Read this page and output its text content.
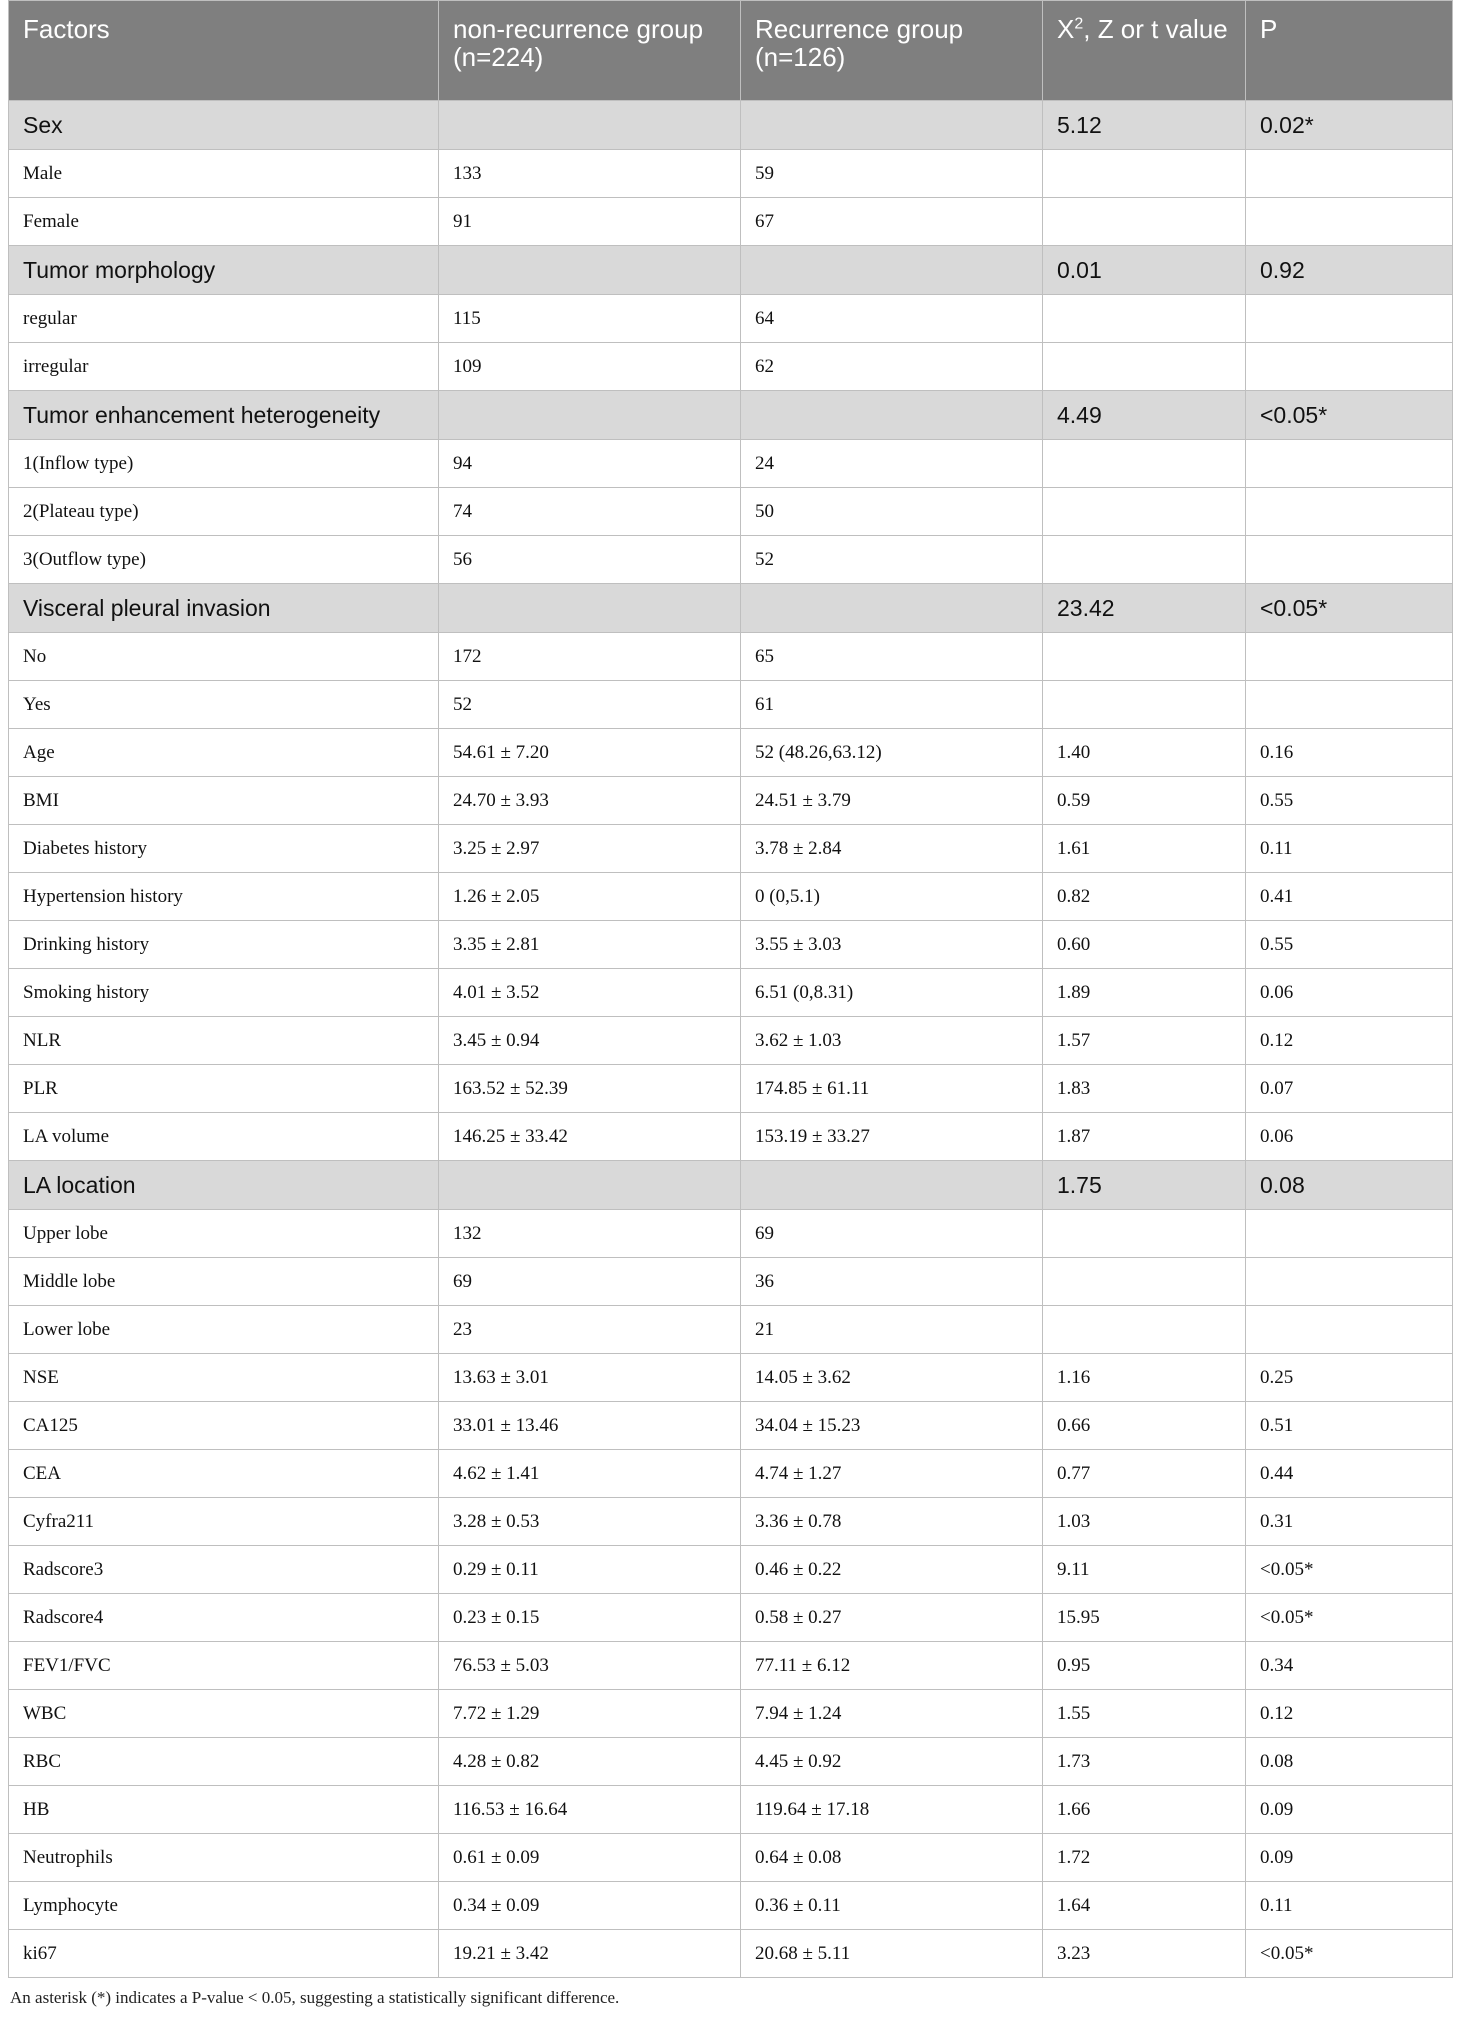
Factors	non-recurrence group (n=224)	Recurrence group (n=126)	$X^2$, Z or t value	P
Sex			5.12	0.02*
Male	133	59		
Female	91	67		
Tumor morphology			0.01	0.92
regular	115	64		
irregular	109	62		
Tumor enhancement heterogeneity			4.49	<0.05*
1(Inflow type)	94	24		
2(Plateau type)	74	50		
3(Outflow type)	56	52		
Visceral pleural invasion			23.42	<0.05*
No	172	65		
Yes	52	61		
Age	54.61 ± 7.20	52 (48.26,63.12)	1.40	0.16
BMI	24.70 ± 3.93	24.51 ± 3.79	0.59	0.55
Diabetes history	3.25 ± 2.97	3.78 ± 2.84	1.61	0.11
Hypertension history	1.26 ± 2.05	0 (0,5.1)	0.82	0.41
Drinking history	3.35 ± 2.81	3.55 ± 3.03	0.60	0.55
Smoking history	4.01 ± 3.52	6.51 (0,8.31)	1.89	0.06
NLR	3.45 ± 0.94	3.62 ± 1.03	1.57	0.12
PLR	163.52 ± 52.39	174.85 ± 61.11	1.83	0.07
LA volume	146.25 ± 33.42	153.19 ± 33.27	1.87	0.06
LA location			1.75	0.08
Upper lobe	132	69		
Middle lobe	69	36		
Lower lobe	23	21		
NSE	13.63 ± 3.01	14.05 ± 3.62	1.16	0.25
CA125	33.01 ± 13.46	34.04 ± 15.23	0.66	0.51
CEA	4.62 ± 1.41	4.74 ± 1.27	0.77	0.44
Cyfra211	3.28 ± 0.53	3.36 ± 0.78	1.03	0.31
Radscore3	0.29 ± 0.11	0.46 ± 0.22	9.11	<0.05*
Radscore4	0.23 ± 0.15	0.58 ± 0.27	15.95	<0.05*
FEV1/FVC	76.53 ± 5.03	77.11 ± 6.12	0.95	0.34
WBC	7.72 ± 1.29	7.94 ± 1.24	1.55	0.12
RBC	4.28 ± 0.82	4.45 ± 0.92	1.73	0.08
HB	116.53 ± 16.64	119.64 ± 17.18	1.66	0.09
Neutrophils	0.61 ± 0.09	0.64 ± 0.08	1.72	0.09
Lymphocyte	0.34 ± 0.09	0.36 ± 0.11	1.64	0.11
ki67	19.21 ± 3.42	20.68 ± 5.11	3.23	<0.05*
An asterisk (*) indicates a P-value < 0.05, suggesting a statistically significant difference.
